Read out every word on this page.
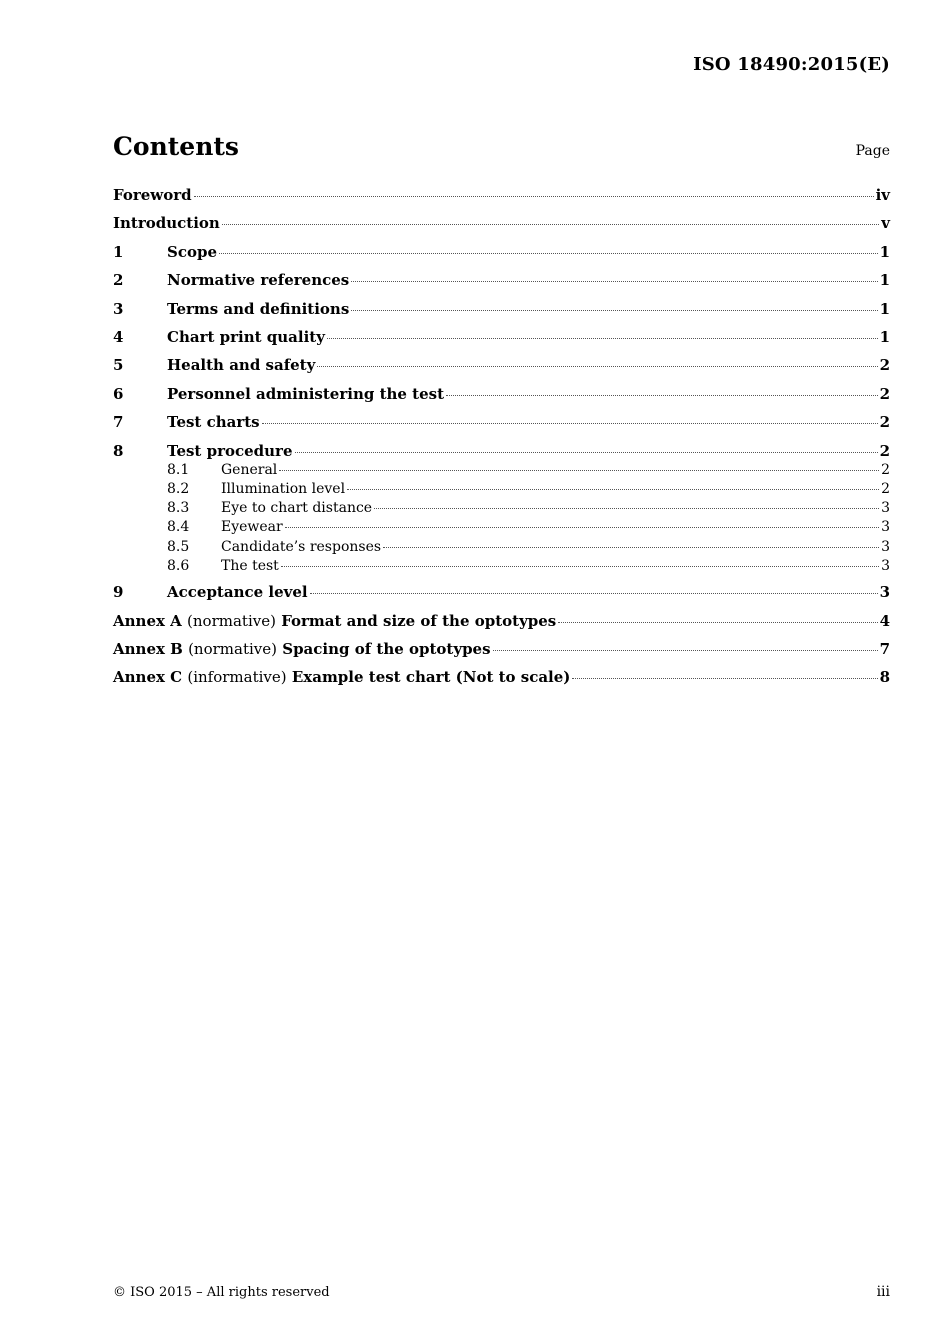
ISO 18490:2015(E)
Contents	Page
Foreword	iv
Introduction	v
1	Scope	1
2	Normative references	1
3	Terms and definitions	1
4	Chart print quality	1
5	Health and safety	2
6	Personnel administering the test	2
7	Test charts	2
8	Test procedure	2
8.1	General	2
8.2	Illumination level	2
8.3	Eye to chart distance	3
8.4	Eyewear	3
8.5	Candidate’s responses	3
8.6	The test	3
9	Acceptance level	3
Annex A (normative) Format and size of the optotypes	4
Annex B (normative) Spacing of the optotypes	7
Annex C (informative) Example test chart (Not to scale)	8
© ISO 2015 – All rights reserved	iii
